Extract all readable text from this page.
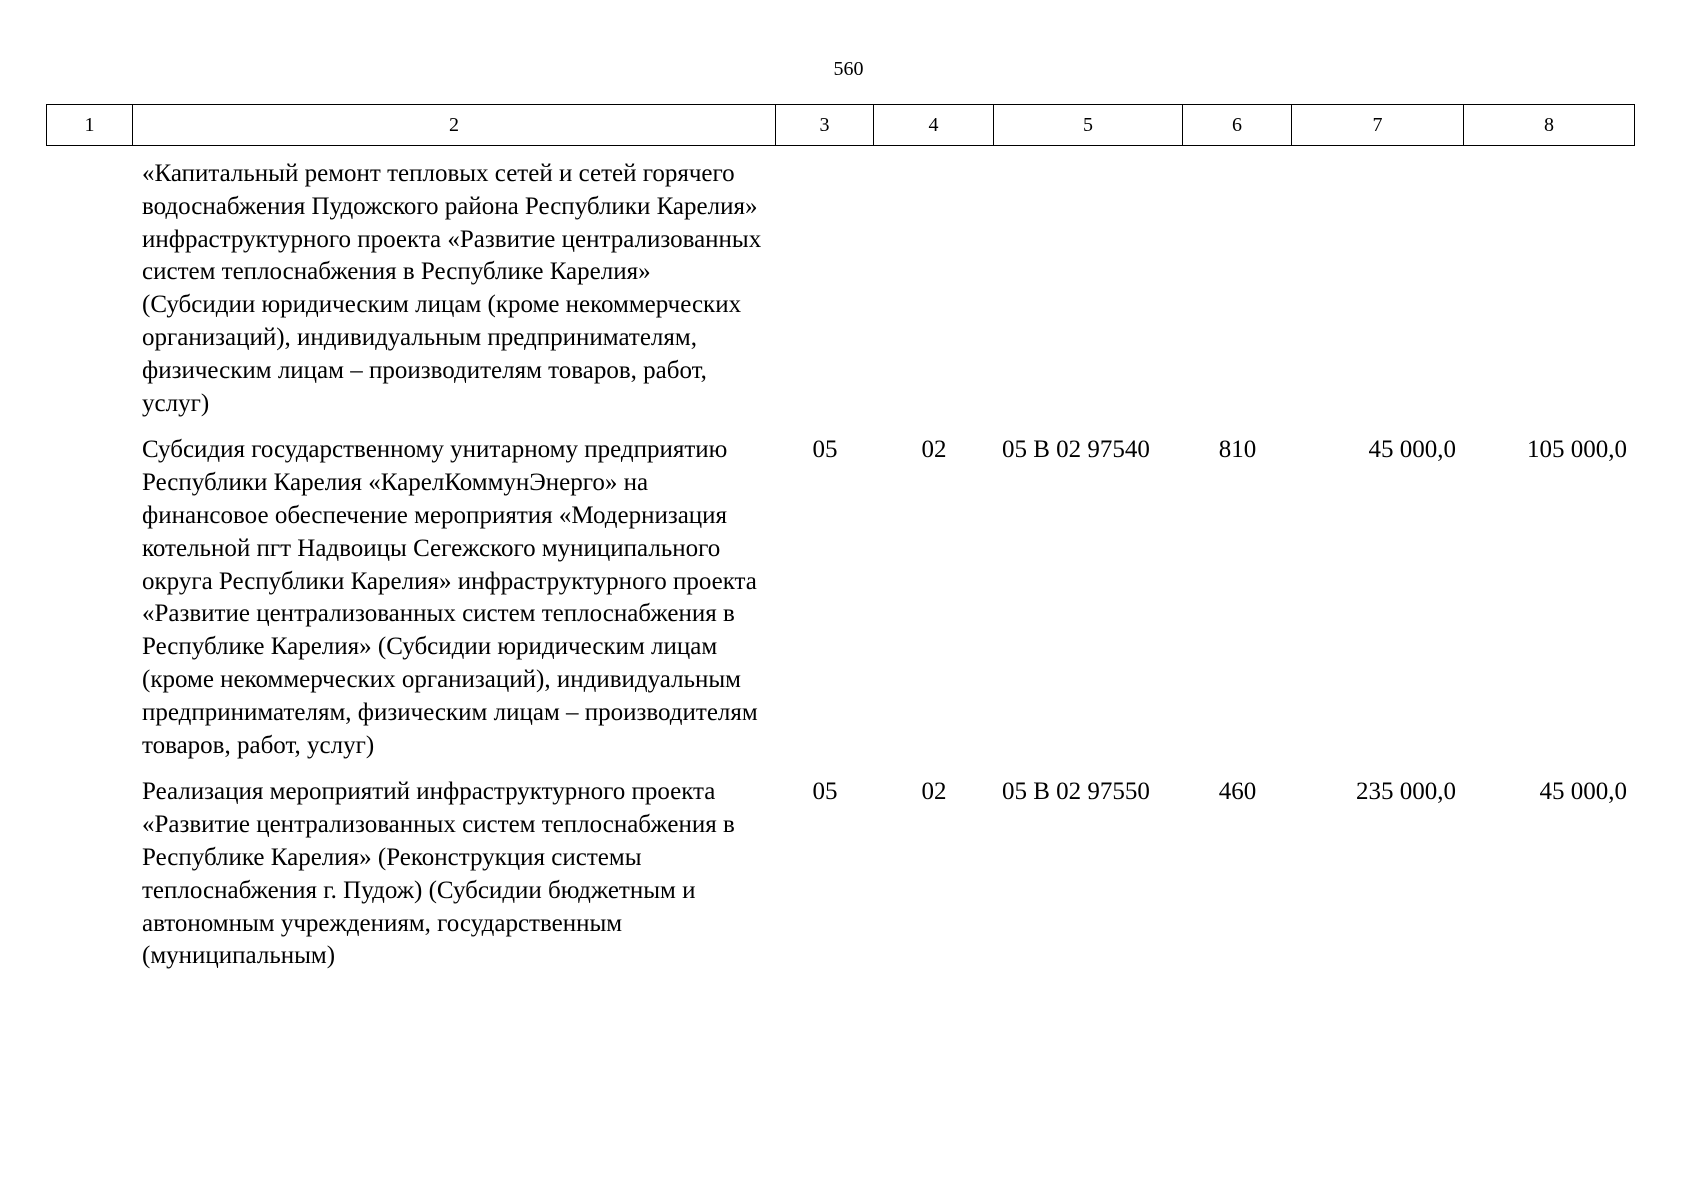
560
1	2	3	4	5	6	7	8
«Капитальный ремонт тепловых сетей и сетей горячего водоснабжения Пудожского района Республики Карелия» инфраструктурного проекта «Развитие централизованных систем теплоснабжения в Республике Карелия» (Субсидии юридическим лицам (кроме некоммерческих организаций), индивидуальным предпринимателям, физическим лицам – производителям товаров, работ, услуг)						
Субсидия государственному унитарному предприятию Республики Карелия «КарелКоммунЭнерго» на финансовое обеспечение мероприятия «Модернизация котельной пгт Надвоицы Сегежского муниципального округа Республики Карелия» инфраструктурного проекта «Развитие централизованных систем теплоснабжения в Республике Карелия» (Субсидии юридическим лицам (кроме некоммерческих организаций), индивидуальным предпринимателям, физическим лицам – производителям товаров, работ, услуг)	05	02	05 В 02 97540	810	45 000,0	105 000,0
Реализация мероприятий инфраструктурного проекта «Развитие централизованных систем теплоснабжения в Республике Карелия» (Реконструкция системы теплоснабжения г. Пудож) (Субсидии бюджетным и автономным учреждениям, государственным (муниципальным)	05	02	05 В 02 97550	460	235 000,0	45 000,0
